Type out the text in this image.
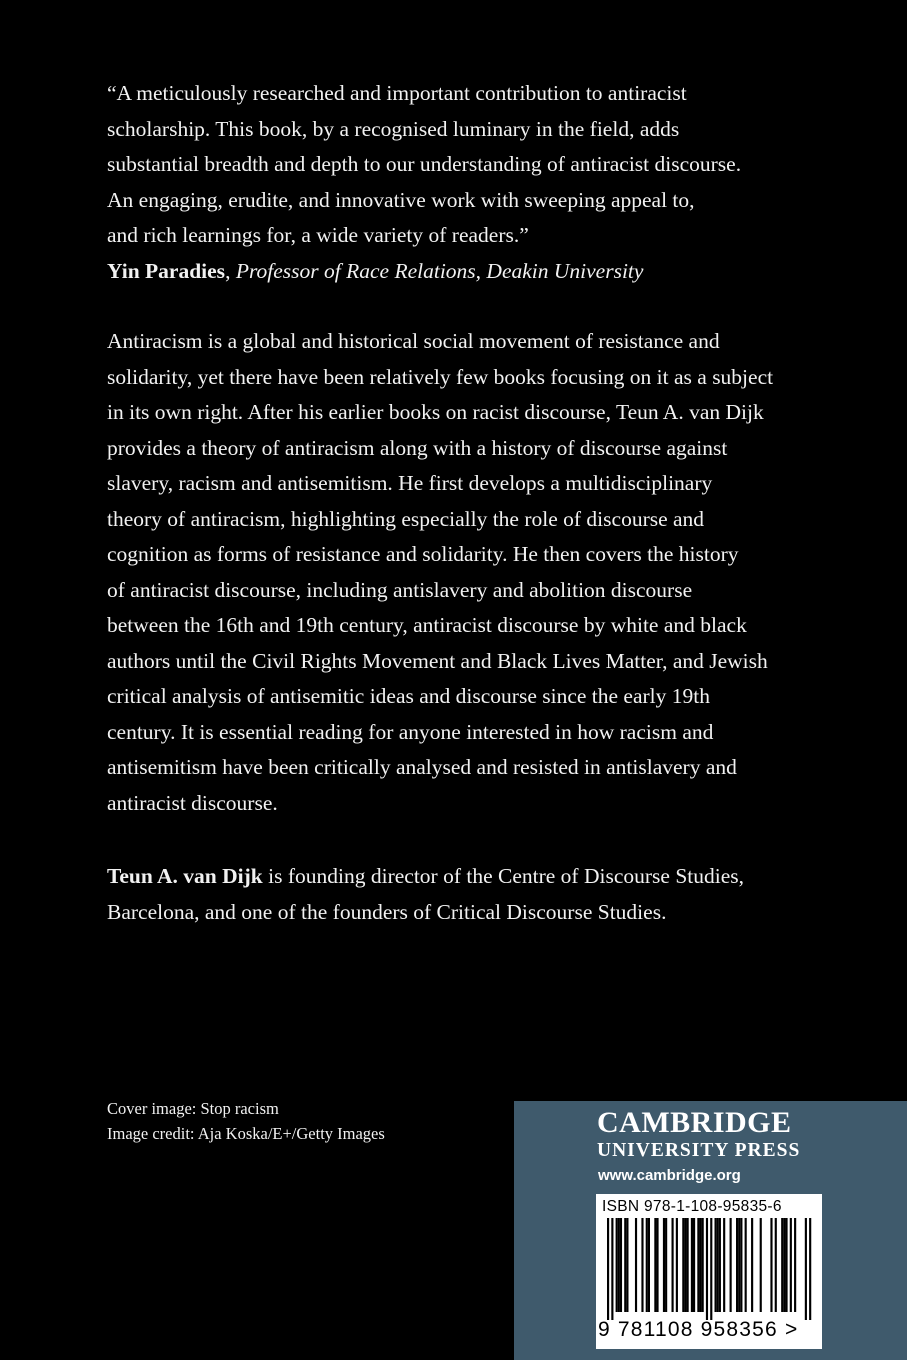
“A meticulously researched and important contribution to antiracist
scholarship. This book, by a recognised luminary in the field, adds
substantial breadth and depth to our understanding of antiracist discourse.
An engaging, erudite, and innovative work with sweeping appeal to,
and rich learnings for, a wide variety of readers.”
Yin Paradies, Professor of Race Relations, Deakin University
Antiracism is a global and historical social movement of resistance and
solidarity, yet there have been relatively few books focusing on it as a subject
in its own right. After his earlier books on racist discourse, Teun A. van Dijk
provides a theory of antiracism along with a history of discourse against
slavery, racism and antisemitism. He first develops a multidisciplinary
theory of antiracism, highlighting especially the role of discourse and
cognition as forms of resistance and solidarity. He then covers the history
of antiracist discourse, including antislavery and abolition discourse
between the 16th and 19th century, antiracist discourse by white and black
authors until the Civil Rights Movement and Black Lives Matter, and Jewish
critical analysis of antisemitic ideas and discourse since the early 19th
century. It is essential reading for anyone interested in how racism and
antisemitism have been critically analysed and resisted in antislavery and
antiracist discourse.
Teun A. van Dijk is founding director of the Centre of Discourse Studies,
Barcelona, and one of the founders of Critical Discourse Studies.
Cover image: Stop racism
Image credit: Aja Koska/E+/Getty Images	CAMBRIDGE
UNIVERSITY PRESS
www.cambridge.org
ISBN 978-1-108-95835-6
9 781108 958356 >
